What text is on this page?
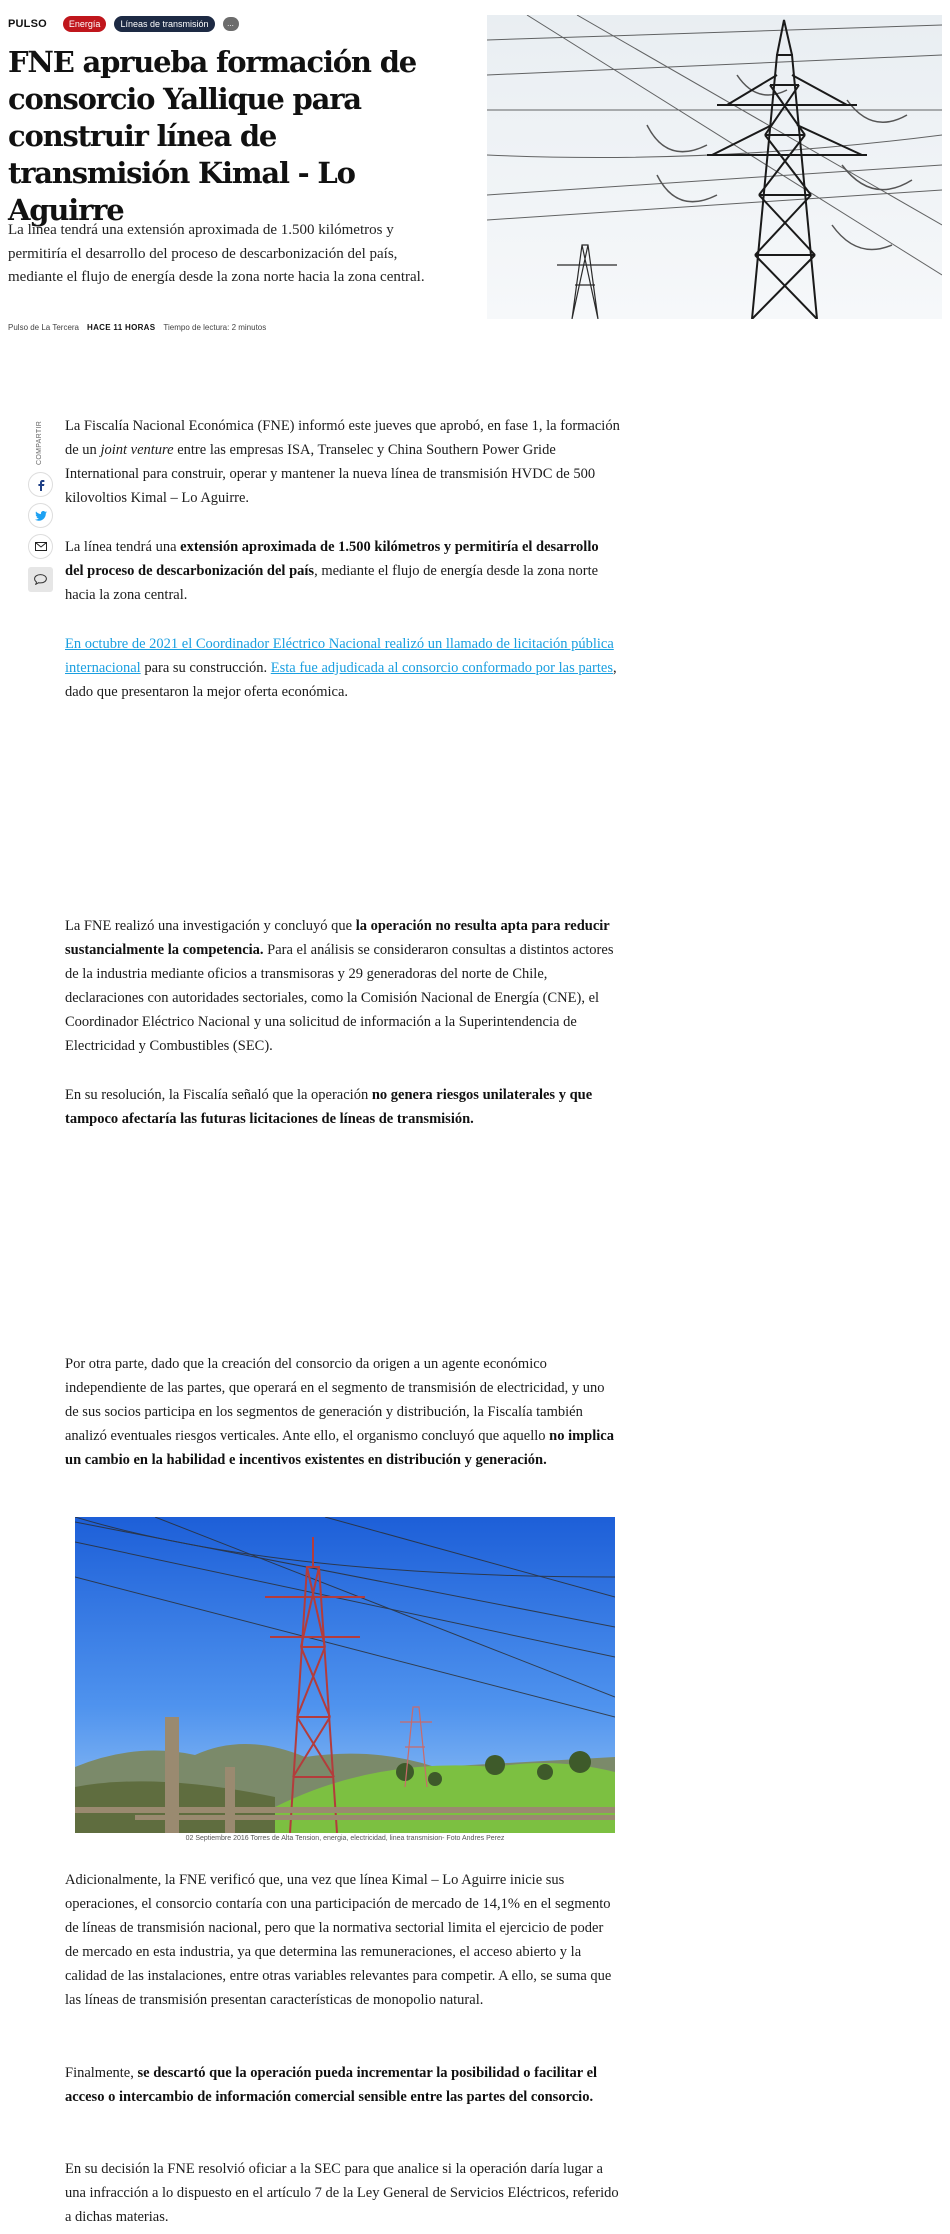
PULSO	Energía	Líneas de transmisión	...
FNE aprueba formación de consorcio Yallique para construir línea de transmisión Kimal - Lo Aguirre

La línea tendrá una extensión aproximada de 1.500 kilómetros y permitiría el desarrollo del proceso de descarbonización del país, mediante el flujo de energía desde la zona norte hacia la zona central.

Pulso de La Tercera HACE 11 HORAS Tiempo de lectura: 2 minutos
COMPARTIR La Fiscalía Nacional Económica (FNE) informó este jueves que aprobó, en fase 1, la formación de un joint venture entre las empresas ISA, Transelec y China Southern Power Gride International para construir, operar y mantener la nueva línea de transmisión HVDC de 500 kilovoltios Kimal – Lo Aguirre.

La línea tendrá una extensión aproximada de 1.500 kilómetros y permitiría el desarrollo del proceso de descarbonización del país, mediante el flujo de energía desde la zona norte hacia la zona central.

En octubre de 2021 el Coordinador Eléctrico Nacional realizó un llamado de licitación pública internacional para su construcción. Esta fue adjudicada al consorcio conformado por las partes, dado que presentaron la mejor oferta económica.

La FNE realizó una investigación y concluyó que la operación no resulta apta para reducir sustancialmente la competencia. Para el análisis se consideraron consultas a distintos actores de la industria mediante oficios a transmisoras y 29 generadoras del norte de Chile, declaraciones con autoridades sectoriales, como la Comisión Nacional de Energía (CNE), el Coordinador Eléctrico Nacional y una solicitud de información a la Superintendencia de Electricidad y Combustibles (SEC).

En su resolución, la Fiscalía señaló que la operación no genera riesgos unilaterales y que tampoco afectaría las futuras licitaciones de líneas de transmisión.

Por otra parte, dado que la creación del consorcio da origen a un agente económico independiente de las partes, que operará en el segmento de transmisión de electricidad, y uno de sus socios participa en los segmentos de generación y distribución, la Fiscalía también analizó eventuales riesgos verticales. Ante ello, el organismo concluyó que aquello no implica un cambio en la habilidad e incentivos existentes en distribución y generación.

02 Septiembre 2016 Torres de Alta Tension, energia, electricidad, linea transmision- Foto Andres Perez

Adicionalmente, la FNE verificó que, una vez que línea Kimal – Lo Aguirre inicie sus operaciones, el consorcio contaría con una participación de mercado de 14,1% en el segmento de líneas de transmisión nacional, pero que la normativa sectorial limita el ejercicio de poder de mercado en esta industria, ya que determina las remuneraciones, el acceso abierto y la calidad de las instalaciones, entre otras variables relevantes para competir. A ello, se suma que las líneas de transmisión presentan características de monopolio natural.

Finalmente, se descartó que la operación pueda incrementar la posibilidad o facilitar el acceso o intercambio de información comercial sensible entre las partes del consorcio.

En su decisión la FNE resolvió oficiar a la SEC para que analice si la operación daría lugar a una infracción a lo dispuesto en el artículo 7 de la Ley General de Servicios Eléctricos, referido a dichas materias.
